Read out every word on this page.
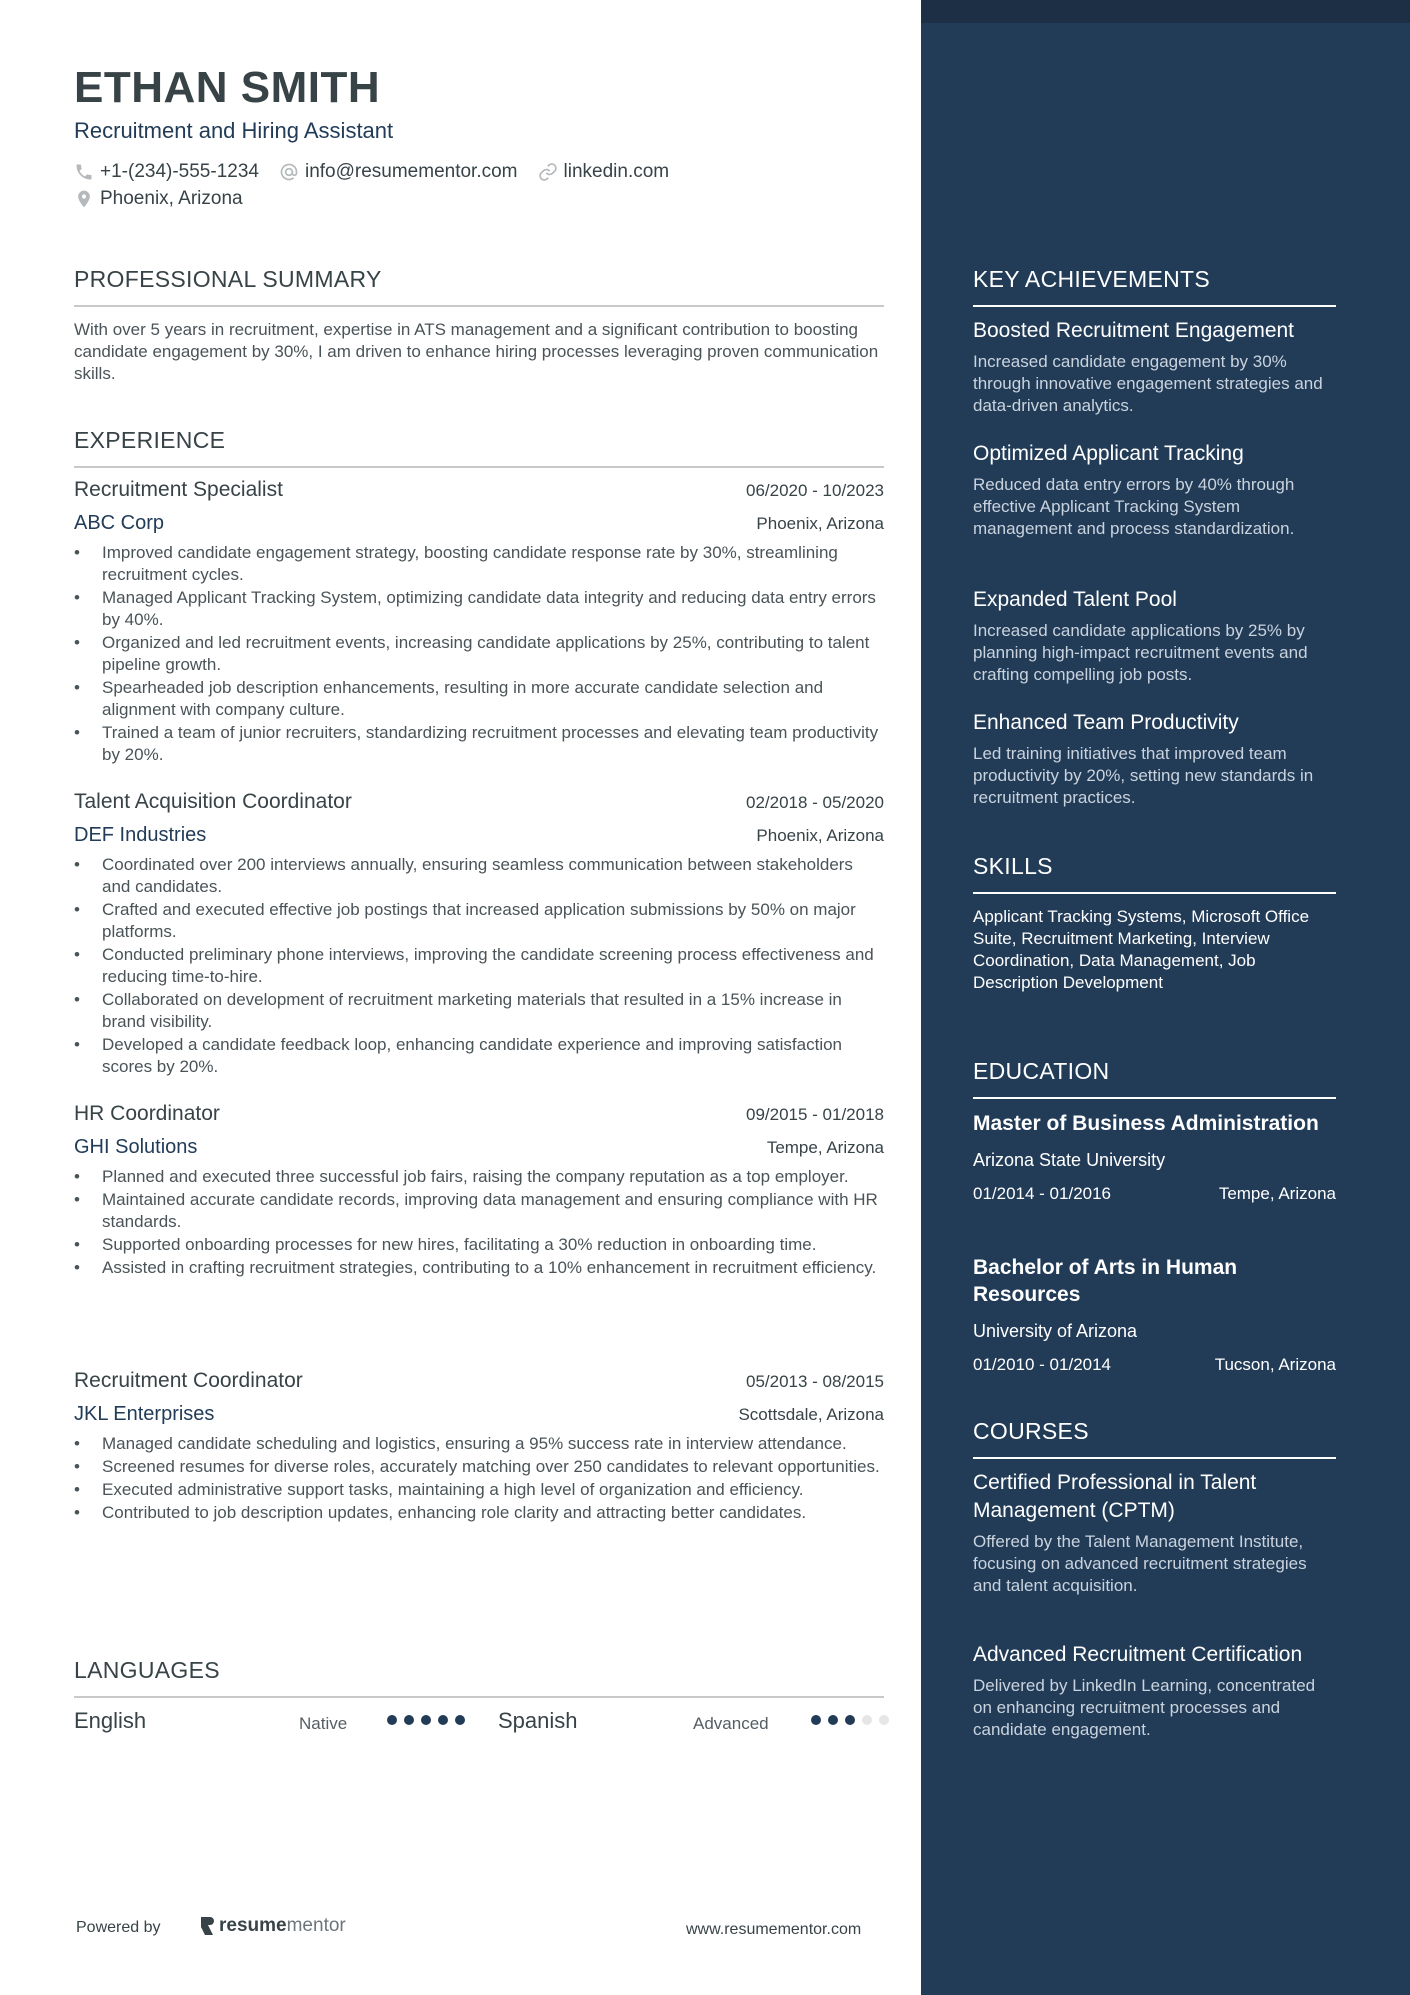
ETHAN SMITH
Recruitment and Hiring Assistant
+1-(234)-555-1234 info@resumementor.com linkedin.com
Phoenix, Arizona
PROFESSIONAL SUMMARY
With over 5 years in recruitment, expertise in ATS management and a significant contribution to boosting candidate engagement by 30%, I am driven to enhance hiring processes leveraging proven communication skills.
EXPERIENCE
Recruitment Specialist	06/2020 - 10/2023
ABC Corp	Phoenix, Arizona
• Improved candidate engagement strategy, boosting candidate response rate by 30%, streamlining recruitment cycles.
• Managed Applicant Tracking System, optimizing candidate data integrity and reducing data entry errors by 40%.
• Organized and led recruitment events, increasing candidate applications by 25%, contributing to talent pipeline growth.
• Spearheaded job description enhancements, resulting in more accurate candidate selection and alignment with company culture.
• Trained a team of junior recruiters, standardizing recruitment processes and elevating team productivity by 20%.
Talent Acquisition Coordinator	02/2018 - 05/2020
DEF Industries	Phoenix, Arizona
• Coordinated over 200 interviews annually, ensuring seamless communication between stakeholders and candidates.
• Crafted and executed effective job postings that increased application submissions by 50% on major platforms.
• Conducted preliminary phone interviews, improving the candidate screening process effectiveness and reducing time-to-hire.
• Collaborated on development of recruitment marketing materials that resulted in a 15% increase in brand visibility.
• Developed a candidate feedback loop, enhancing candidate experience and improving satisfaction scores by 20%.
HR Coordinator	09/2015 - 01/2018
GHI Solutions	Tempe, Arizona
• Planned and executed three successful job fairs, raising the company reputation as a top employer.
• Maintained accurate candidate records, improving data management and ensuring compliance with HR standards.
• Supported onboarding processes for new hires, facilitating a 30% reduction in onboarding time.
• Assisted in crafting recruitment strategies, contributing to a 10% enhancement in recruitment efficiency.
Recruitment Coordinator	05/2013 - 08/2015
JKL Enterprises	Scottsdale, Arizona
• Managed candidate scheduling and logistics, ensuring a 95% success rate in interview attendance.
• Screened resumes for diverse roles, accurately matching over 250 candidates to relevant opportunities.
• Executed administrative support tasks, maintaining a high level of organization and efficiency.
• Contributed to job description updates, enhancing role clarity and attracting better candidates.
LANGUAGES
English	Native	Spanish	Advanced
KEY ACHIEVEMENTS
Boosted Recruitment Engagement
Increased candidate engagement by 30% through innovative engagement strategies and data-driven analytics.
Optimized Applicant Tracking
Reduced data entry errors by 40% through effective Applicant Tracking System management and process standardization.
Expanded Talent Pool
Increased candidate applications by 25% by planning high-impact recruitment events and crafting compelling job posts.
Enhanced Team Productivity
Led training initiatives that improved team productivity by 20%, setting new standards in recruitment practices.
SKILLS
Applicant Tracking Systems, Microsoft Office Suite, Recruitment Marketing, Interview Coordination, Data Management, Job Description Development
EDUCATION
Master of Business Administration
Arizona State University
01/2014 - 01/2016	Tempe, Arizona
Bachelor of Arts in Human Resources
University of Arizona
01/2010 - 01/2014	Tucson, Arizona
COURSES
Certified Professional in Talent Management (CPTM)
Offered by the Talent Management Institute, focusing on advanced recruitment strategies and talent acquisition.
Advanced Recruitment Certification
Delivered by LinkedIn Learning, concentrated on enhancing recruitment processes and candidate engagement.
Powered by	resumementor	www.resumementor.com
